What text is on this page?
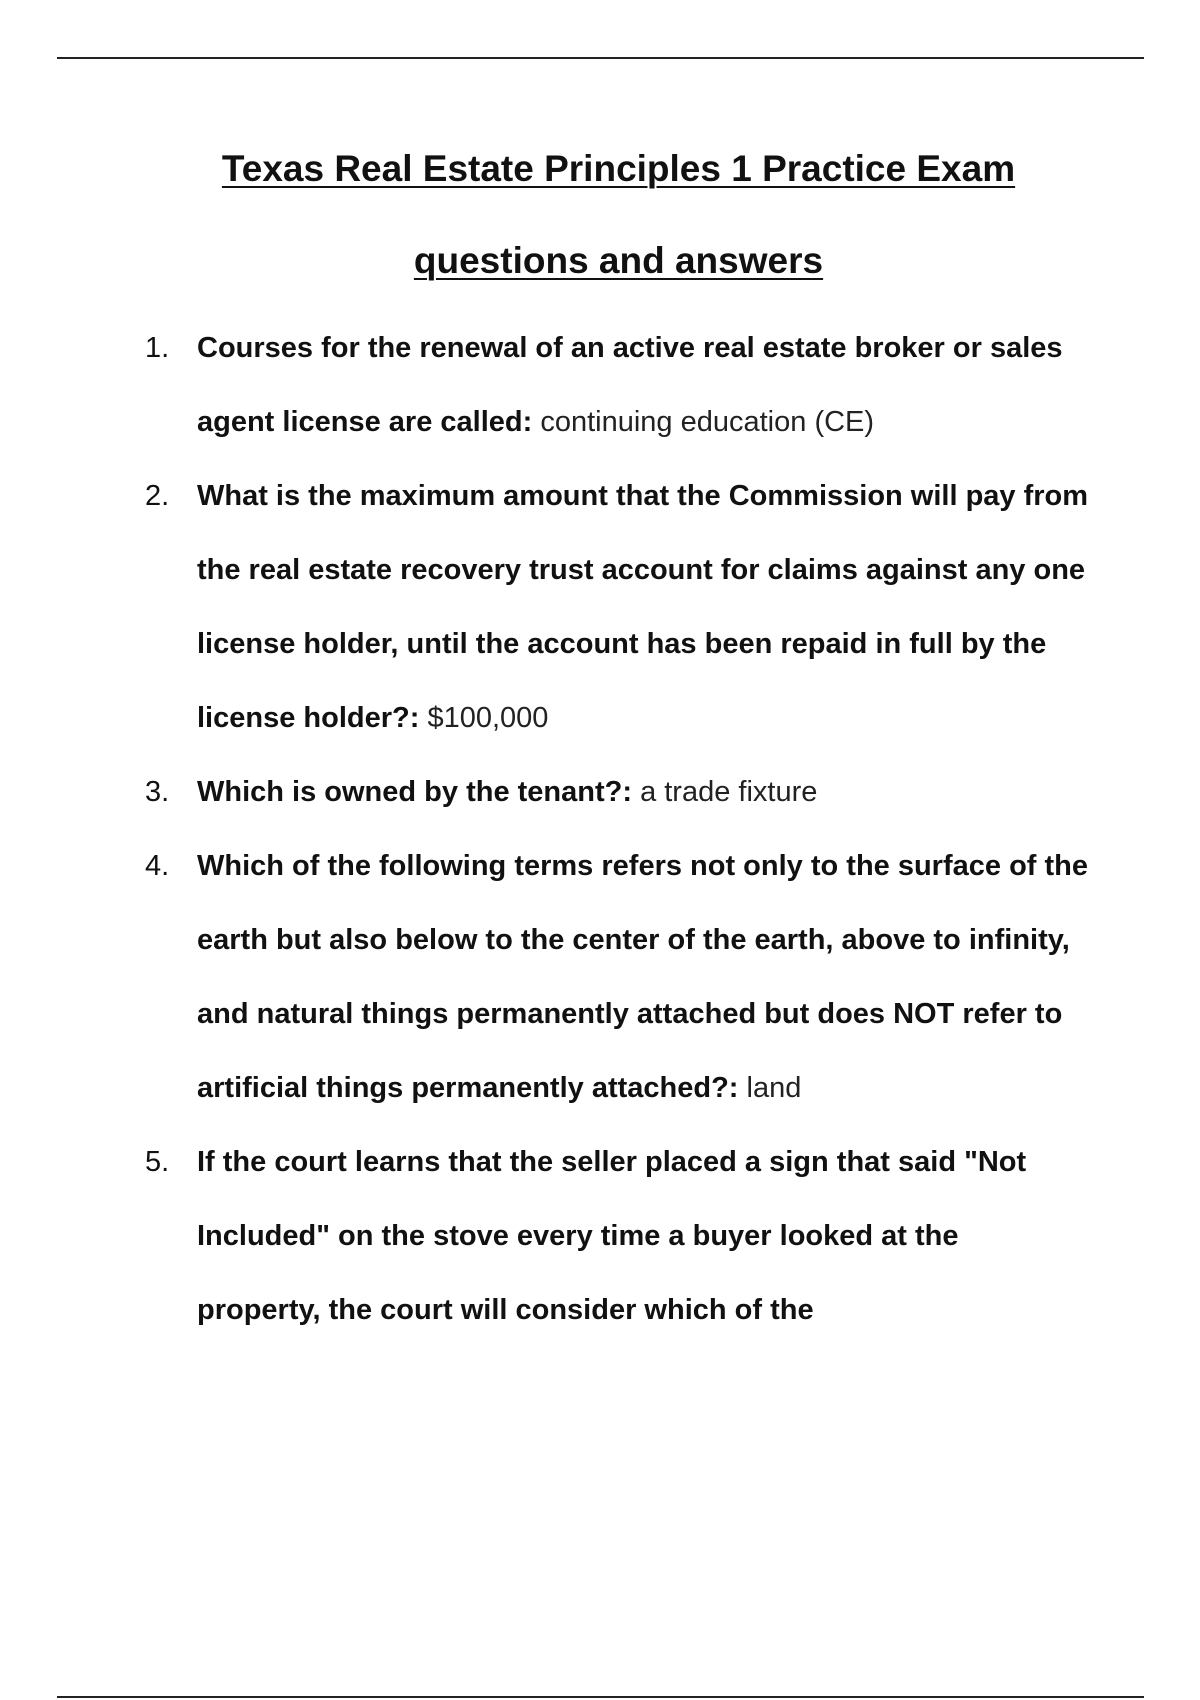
Texas Real Estate Principles 1 Practice Exam
questions and answers
1. Courses for the renewal of an active real estate broker or sales agent license are called: continuing education (CE)
2. What is the maximum amount that the Commission will pay from the real estate recovery trust account for claims against any one license holder, until the account has been repaid in full by the license holder?: $100,000
3. Which is owned by the tenant?: a trade fixture
4. Which of the following terms refers not only to the surface of the earth but also below to the center of the earth, above to infinity, and natural things permanently attached but does NOT refer to artificial things permanently attached?: land
5. If the court learns that the seller placed a sign that said "Not Included" on the stove every time a buyer looked at the property, the court will consider which of the
